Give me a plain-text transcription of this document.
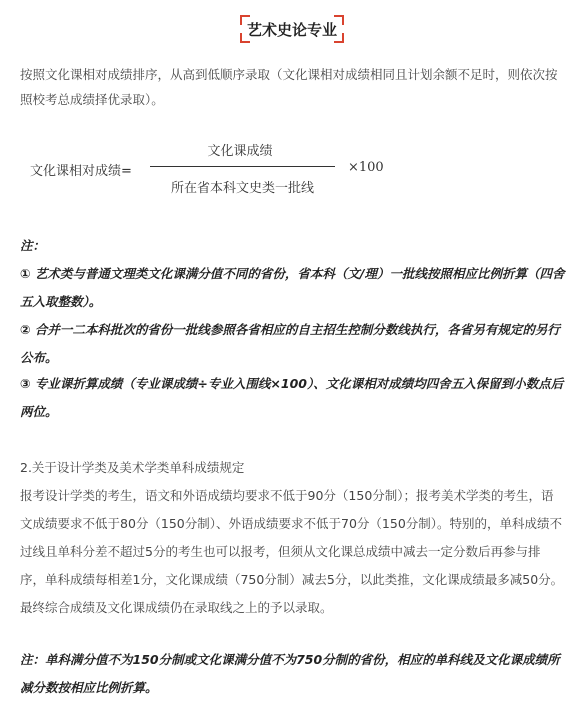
艺术史论专业
按照文化课相对成绩排序，从高到低顺序录取（文化课相对成绩相同且计划余额不足时，则依次按照校考总成绩择优录取）。
文化课相对成绩=
文化课成绩
所在省本科文史类一批线
×100
注：
① 艺术类与普通文理类文化课满分值不同的省份，省本科（文/理）一批线按照相应比例折算（四舍五入取整数）。
② 合并一二本科批次的省份一批线参照各省相应的自主招生控制分数线执行，各省另有规定的另行公布。
③ 专业课折算成绩（专业课成绩÷专业入围线×100）、文化课相对成绩均四舍五入保留到小数点后两位。
2.关于设计学类及美术学类单科成绩规定
报考设计学类的考生，语文和外语成绩均要求不低于90分（150分制）；报考美术学类的考生，语文成绩要求不低于80分（150分制）、外语成绩要求不低于70分（150分制）。特别的，单科成绩不过线且单科分差不超过5分的考生也可以报考，但须从文化课总成绩中减去一定分数后再参与排序，单科成绩每相差1分，文化课成绩（750分制）减去5分，以此类推，文化课成绩最多减50分。最终综合成绩及文化课成绩仍在录取线之上的予以录取。
注：单科满分值不为150分制或文化课满分值不为750分制的省份，相应的单科线及文化课成绩所减分数按相应比例折算。
